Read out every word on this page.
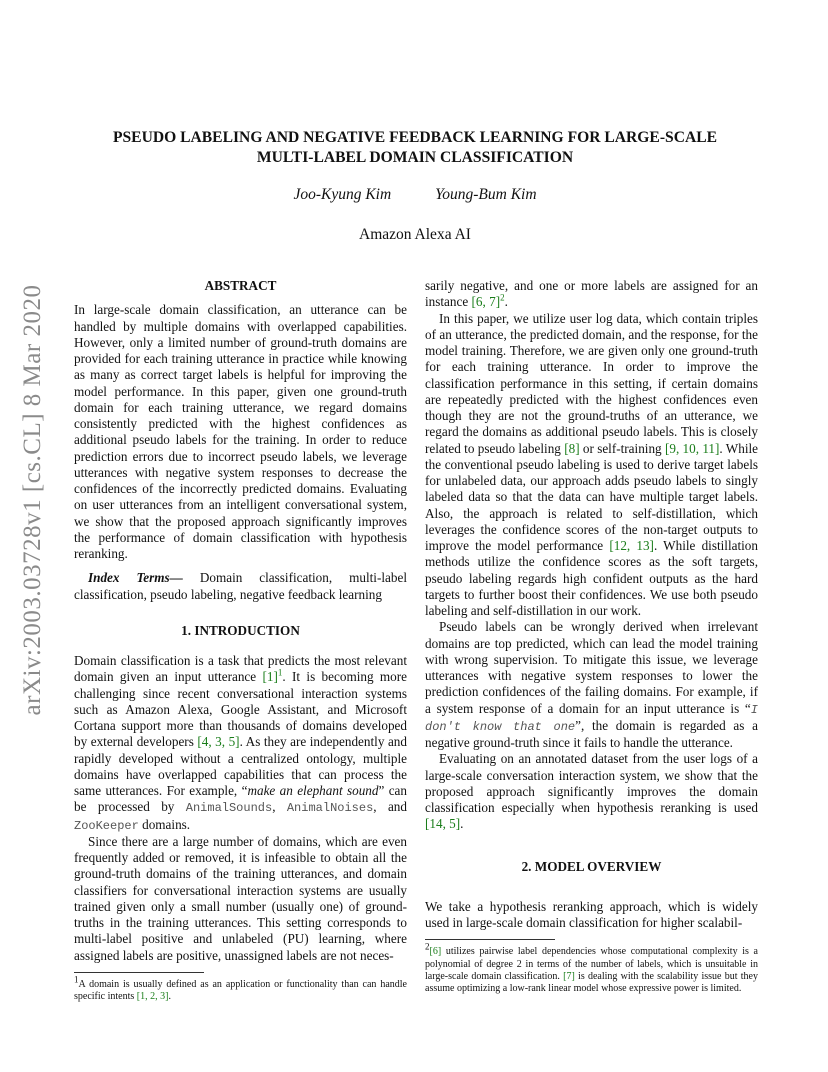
arXiv:2003.03728v1 [cs.CL] 8 Mar 2020
PSEUDO LABELING AND NEGATIVE FEEDBACK LEARNING FOR LARGE-SCALE
MULTI-LABEL DOMAIN CLASSIFICATION
Joo-Kyung Kim	Young-Bum Kim
Amazon Alexa AI
ABSTRACT

In large-scale domain classification, an utterance can be handled by multiple domains with overlapped capabilities. However, only a limited number of ground-truth domains are provided for each training utterance in practice while knowing as many as correct target labels is helpful for improving the model performance. In this paper, given one ground-truth domain for each training utterance, we regard domains consistently predicted with the highest confidences as additional pseudo labels for the training. In order to reduce prediction errors due to incorrect pseudo labels, we leverage utterances with negative system responses to decrease the confidences of the incorrectly predicted domains. Evaluating on user utterances from an intelligent conversational system, we show that the proposed approach significantly improves the performance of domain classification with hypothesis reranking.

Index Terms— Domain classification, multi-label classification, pseudo labeling, negative feedback learning

1. INTRODUCTION

Domain classification is a task that predicts the most relevant domain given an input utterance [1]$^1$. It is becoming more challenging since recent conversational interaction systems such as Amazon Alexa, Google Assistant, and Microsoft Cortana support more than thousands of domains developed by external developers [4, 3, 5]. As they are independently and rapidly developed without a centralized ontology, multiple domains have overlapped capabilities that can process the same utterances. For example, “make an elephant sound” can be processed by AnimalSounds, AnimalNoises, and ZooKeeper domains.

Since there are a large number of domains, which are even frequently added or removed, it is infeasible to obtain all the ground-truth domains of the training utterances, and domain classifiers for conversational interaction systems are usually trained given only a small number (usually one) of ground-truths in the training utterances. This setting corresponds to multi-label positive and unlabeled (PU) learning, where assigned labels are positive, unassigned labels are not neces-

1A domain is usually defined as an application or functionality than can handle specific intents [1, 2, 3].

sarily negative, and one or more labels are assigned for an instance [6, 7]$^2$.

In this paper, we utilize user log data, which contain triples of an utterance, the predicted domain, and the response, for the model training. Therefore, we are given only one ground-truth for each training utterance. In order to improve the classification performance in this setting, if certain domains are repeatedly predicted with the highest confidences even though they are not the ground-truths of an utterance, we regard the domains as additional pseudo labels. This is closely related to pseudo labeling [8] or self-training [9, 10, 11]. While the conventional pseudo labeling is used to derive target labels for unlabeled data, our approach adds pseudo labels to singly labeled data so that the data can have multiple target labels. Also, the approach is related to self-distillation, which leverages the confidence scores of the non-target outputs to improve the model performance [12, 13]. While distillation methods utilize the confidence scores as the soft targets, pseudo labeling regards high confident outputs as the hard targets to further boost their confidences. We use both pseudo labeling and self-distillation in our work.

Pseudo labels can be wrongly derived when irrelevant domains are top predicted, which can lead the model training with wrong supervision. To mitigate this issue, we leverage utterances with negative system responses to lower the prediction confidences of the failing domains. For example, if a system response of a domain for an input utterance is “I don't know that one”, the domain is regarded as a negative ground-truth since it fails to handle the utterance.

Evaluating on an annotated dataset from the user logs of a large-scale conversation interaction system, we show that the proposed approach significantly improves the domain classification especially when hypothesis reranking is used [14, 5].

2. MODEL OVERVIEW

We take a hypothesis reranking approach, which is widely used in large-scale domain classification for higher scalabil-

2[6] utilizes pairwise label dependencies whose computational complexity is a polynomial of degree 2 in terms of the number of labels, which is unsuitable in large-scale domain classification. [7] is dealing with the scalability issue but they assume optimizing a low-rank linear model whose expressive power is limited.
